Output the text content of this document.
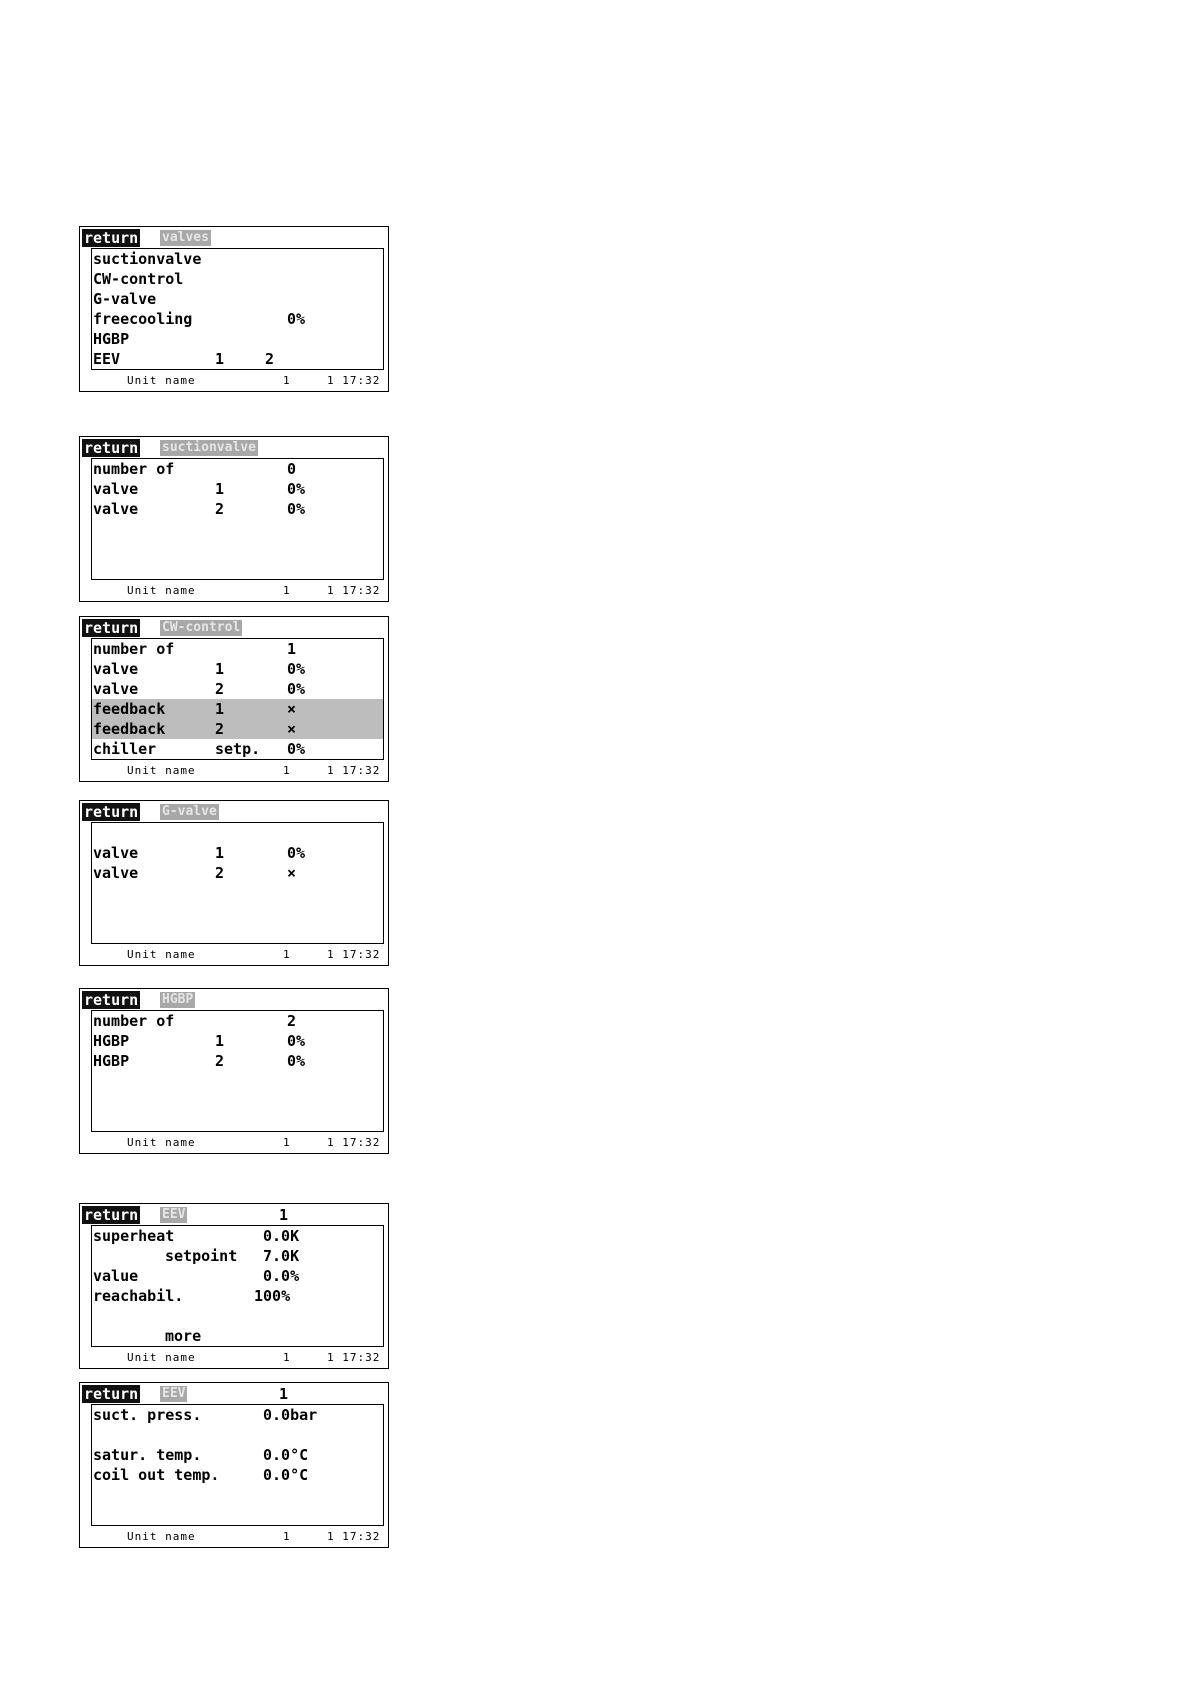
return valves
suctionvalve
CW-control
G-valve
freecooling	0%
HGBP
EEV	1	2
Unit name	1	1 17:32
return suctionvalve
number of	0
valve	1	0%
valve	2	0%
Unit name	1	1 17:32
return CW-control
number of	1
valve	1	0%
valve	2	0%
feedback	1	×
feedback	2	×
chiller	setp. 0%
Unit name	1	1 17:32
return G-valve
valve	1	0%
valve	2	×
Unit name	1	1 17:32
return HGBP
number of	2
HGBP	1	0%
HGBP	2	0%
Unit name	1	1 17:32
return EEV	1
superheat	0.0K
setpoint 7.0K
value	0.0%
reachabil.	100%
more
Unit name	1	1 17:32
return EEV	1
suct. press.	0.0bar
satur. temp.	0.0°C
coil out temp.	0.0°C
Unit name	1	1 17:32
